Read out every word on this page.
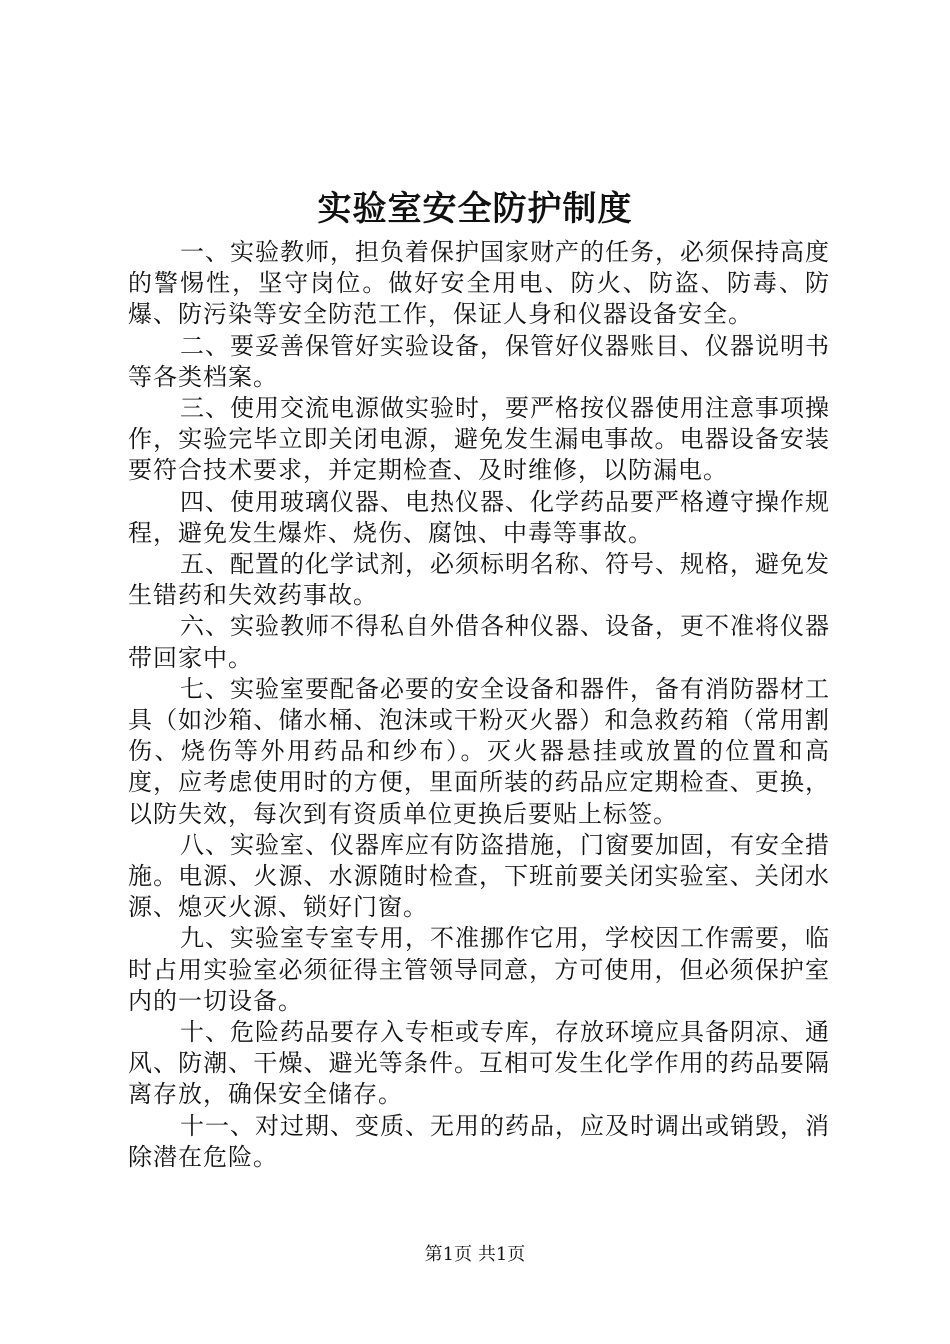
实验室安全防护制度

一、实验教师，担负着保护国家财产的任务，必须保持高度的警惕性，坚守岗位。做好安全用电、防火、防盗、防毒、防爆、防污染等安全防范工作，保证人身和仪器设备安全。

二、要妥善保管好实验设备，保管好仪器账目、仪器说明书等各类档案。

三、使用交流电源做实验时，要严格按仪器使用注意事项操作，实验完毕立即关闭电源，避免发生漏电事故。电器设备安装要符合技术要求，并定期检查、及时维修，以防漏电。

四、使用玻璃仪器、电热仪器、化学药品要严格遵守操作规程，避免发生爆炸、烧伤、腐蚀、中毒等事故。

五、配置的化学试剂，必须标明名称、符号、规格，避免发生错药和失效药事故。

六、实验教师不得私自外借各种仪器、设备，更不准将仪器带回家中。

七、实验室要配备必要的安全设备和器件，备有消防器材工具（如沙箱、储水桶、泡沫或干粉灭火器）和急救药箱（常用割伤、烧伤等外用药品和纱布）。灭火器悬挂或放置的位置和高度，应考虑使用时的方便，里面所装的药品应定期检查、更换，以防失效，每次到有资质单位更换后要贴上标签。

八、实验室、仪器库应有防盗措施，门窗要加固，有安全措施。电源、火源、水源随时检查，下班前要关闭实验室、关闭水源、熄灭火源、锁好门窗。

九、实验室专室专用，不准挪作它用，学校因工作需要，临时占用实验室必须征得主管领导同意，方可使用，但必须保护室内的一切设备。

十、危险药品要存入专柜或专库，存放环境应具备阴凉、通风、防潮、干燥、避光等条件。互相可发生化学作用的药品要隔离存放，确保安全储存。

十一、对过期、变质、无用的药品，应及时调出或销毁，消除潜在危险。

第1页 共1页
